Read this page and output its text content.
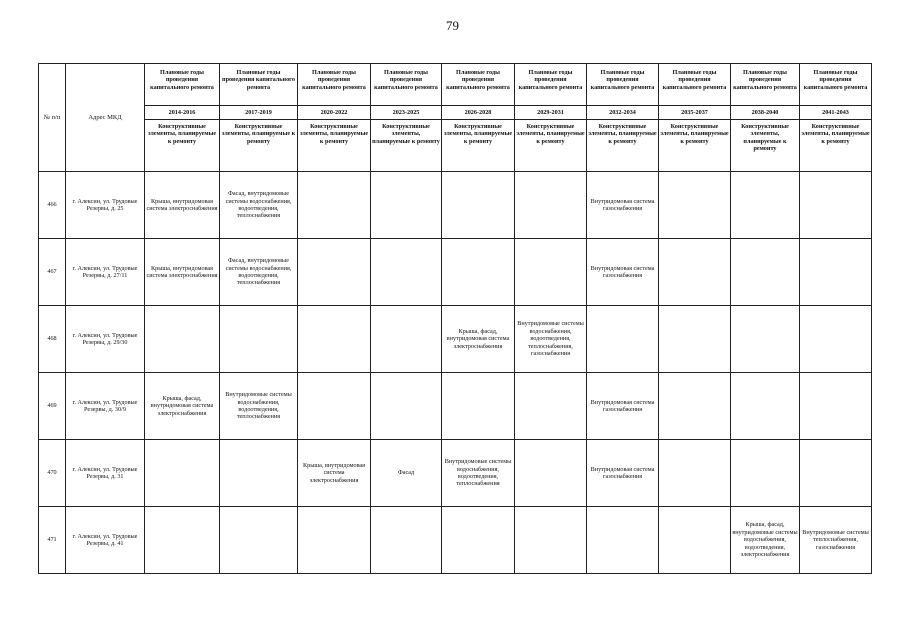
79
№ п/п	Адрес МКД	Плановые годы проведения капитального ремонта	Плановые годы проведения капитального ремонта	Плановые годы проведения капитального ремонта	Плановые годы проведения капитального ремонта	Плановые годы проведения капитального ремонта	Плановые годы проведения капитального ремонта	Плановые годы проведения капитального ремонта	Плановые годы проведения капитального ремонта	Плановые годы проведения капитального ремонта	Плановые годы проведения капитального ремонта
		2014-2016	2017-2019	2020-2022	2023-2025	2026-2028	2029-2031	2032-2034	2035-2037	2038-2040	2041-2043
		Конструктивные элементы, планируемые к ремонту	Конструктивные элементы, планируемые к ремонту	Конструктивные элементы, планируемые к ремонту	Конструктивные элементы, планируемые к ремонту	Конструктивные элементы, планируемые к ремонту	Конструктивные элементы, планируемые к ремонту	Конструктивные элементы, планируемые к ремонту	Конструктивные элементы, планируемые к ремонту	Конструктивные элементы, планируемые к ремонту	Конструктивные элементы, планируемые к ремонту
466	г. Алексин, ул. Трудовые Резервы, д. 25	Крыша, внутридомовая система электроснабжения	Фасад, внутридомовые системы водоснабжения, водоотведения, теплоснабжения					Внутридомовая система газоснабжения			
467	г. Алексин, ул. Трудовые Резервы, д. 27/11	Крыша, внутридомовая система электроснабжения	Фасад, внутридомовые системы водоснабжения, водоотведения, теплоснабжения					Внутридомовая система газоснабжения			
468	г. Алексин, ул. Трудовые Резервы, д. 29/30					Крыша, фасад, внутридомовая система электроснабжения	Внутридомовые системы водоснабжения, водоотведения, теплоснабжения, газоснабжения				
469	г. Алексин, ул. Трудовые Резервы, д. 30/9	Крыша, фасад, внутридомовая система электроснабжения	Внутридомовые системы водоснабжения, водоотведения, теплоснабжения					Внутридомовая система газоснабжения			
470	г. Алексин, ул. Трудовые Резервы, д. 31			Крыша, внутридомовая система электроснабжения	Фасад	Внутридомовые системы водоснабжения, водоотведения, теплоснабжения		Внутридомовая система газоснабжения			
471	г. Алексин, ул. Трудовые Резервы, д. 41									Крыша, фасад, внутридомовые системы водоснабжения, водоотведения, электроснабжения	Внутридомовые системы теплоснабжения, газоснабжения
